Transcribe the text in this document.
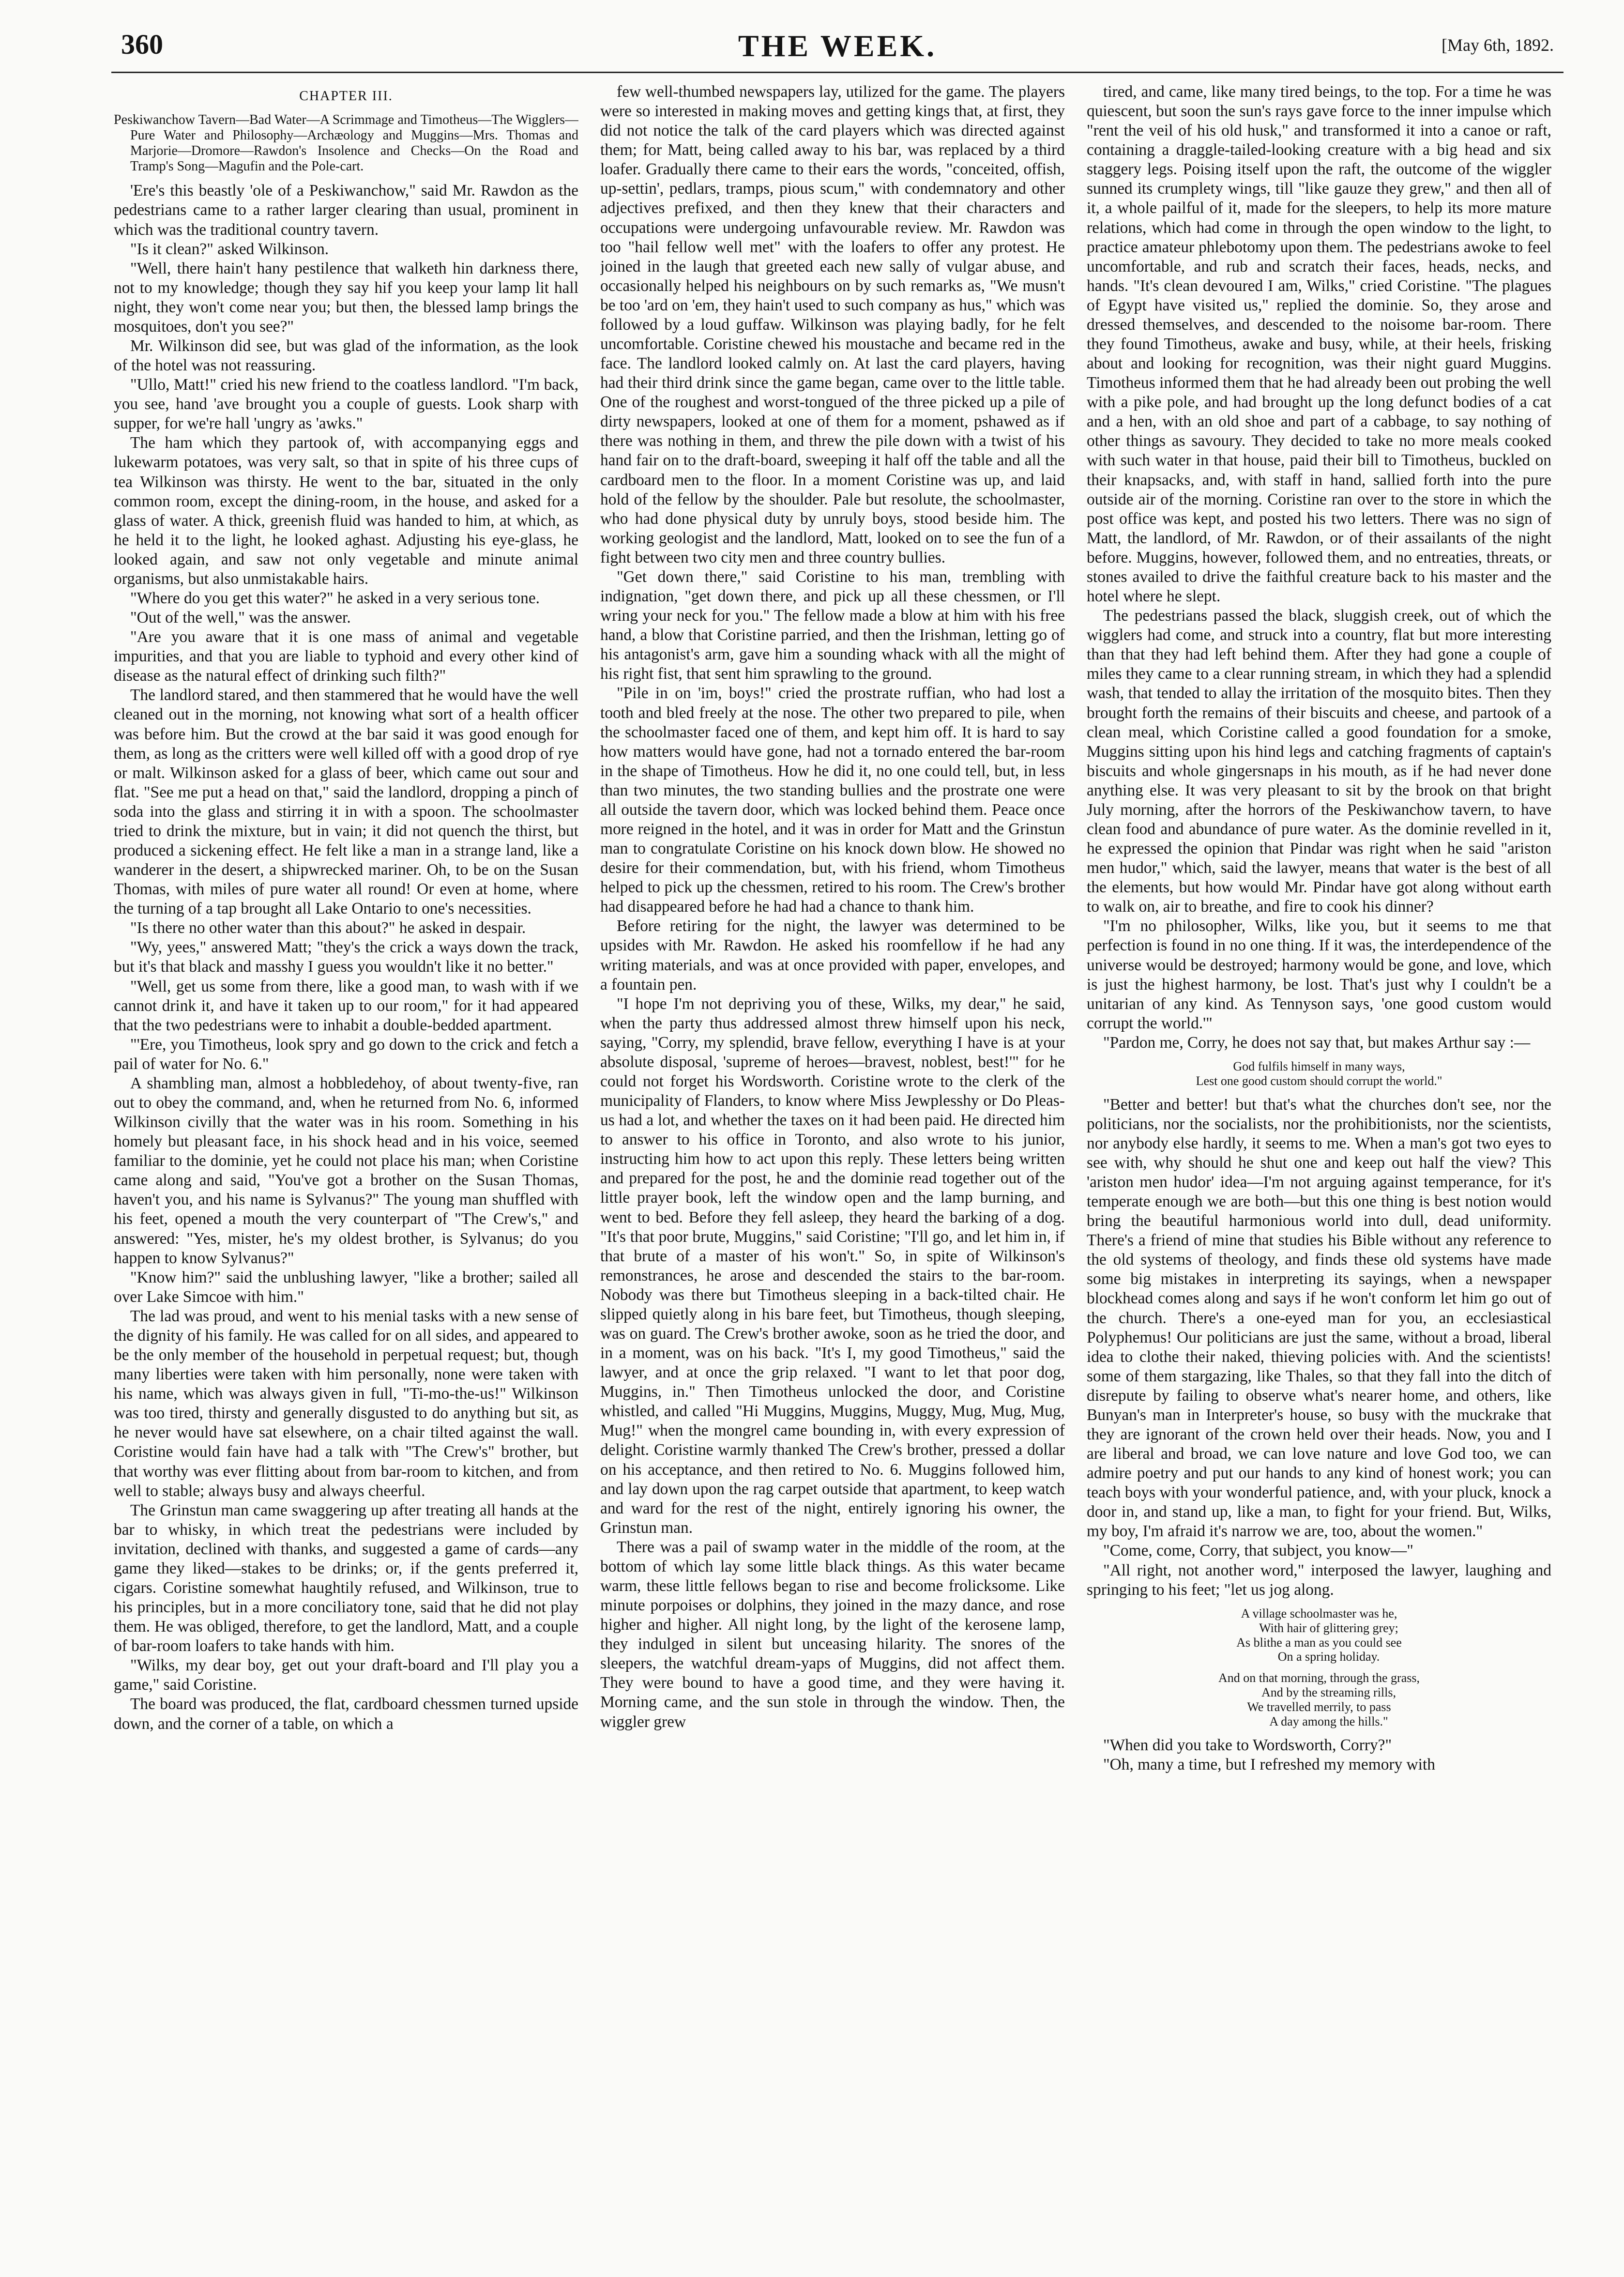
360	THE WEEK.	[May 6th, 1892.
CHAPTER III.
Peskiwanchow Tavern—Bad Water—A Scrimmage and Timotheus—The Wigglers—Pure Water and Philosophy—Archæology and Muggins—Mrs. Thomas and Marjorie—Dromore—Rawdon's Insolence and Checks—On the Road and Tramp's Song—Magufin and the Pole-cart.

'Ere's this beastly 'ole of a Peskiwanchow," said Mr. Rawdon as the pedestrians came to a rather larger clearing than usual, prominent in which was the traditional country tavern.

"Is it clean?" asked Wilkinson.

"Well, there hain't hany pestilence that walketh hin darkness there, not to my knowledge; though they say hif you keep your lamp lit hall night, they won't come near you; but then, the blessed lamp brings the mosquitoes, don't you see?"

Mr. Wilkinson did see, but was glad of the information, as the look of the hotel was not reassuring.

"Ullo, Matt!" cried his new friend to the coatless landlord. "I'm back, you see, hand 'ave brought you a couple of guests. Look sharp with supper, for we're hall 'ungry as 'awks."

The ham which they partook of, with accompanying eggs and lukewarm potatoes, was very salt, so that in spite of his three cups of tea Wilkinson was thirsty. He went to the bar, situated in the only common room, except the dining-room, in the house, and asked for a glass of water. A thick, greenish fluid was handed to him, at which, as he held it to the light, he looked aghast. Adjusting his eye-glass, he looked again, and saw not only vegetable and minute animal organisms, but also unmistakable hairs.

"Where do you get this water?" he asked in a very serious tone.

"Out of the well," was the answer.

"Are you aware that it is one mass of animal and vegetable impurities, and that you are liable to typhoid and every other kind of disease as the natural effect of drinking such filth?"

The landlord stared, and then stammered that he would have the well cleaned out in the morning, not knowing what sort of a health officer was before him. But the crowd at the bar said it was good enough for them, as long as the critters were well killed off with a good drop of rye or malt. Wilkinson asked for a glass of beer, which came out sour and flat. "See me put a head on that," said the landlord, dropping a pinch of soda into the glass and stirring it in with a spoon. The schoolmaster tried to drink the mixture, but in vain; it did not quench the thirst, but produced a sickening effect. He felt like a man in a strange land, like a wanderer in the desert, a shipwrecked mariner. Oh, to be on the Susan Thomas, with miles of pure water all round! Or even at home, where the turning of a tap brought all Lake Ontario to one's necessities.

"Is there no other water than this about?" he asked in despair.

"Wy, yees," answered Matt; "they's the crick a ways down the track, but it's that black and masshy I guess you wouldn't like it no better."

"Well, get us some from there, like a good man, to wash with if we cannot drink it, and have it taken up to our room," for it had appeared that the two pedestrians were to inhabit a double-bedded apartment.

"'Ere, you Timotheus, look spry and go down to the crick and fetch a pail of water for No. 6."

A shambling man, almost a hobbledehoy, of about twenty-five, ran out to obey the command, and, when he returned from No. 6, informed Wilkinson civilly that the water was in his room. Something in his homely but pleasant face, in his shock head and in his voice, seemed familiar to the dominie, yet he could not place his man; when Coristine came along and said, "You've got a brother on the Susan Thomas, haven't you, and his name is Sylvanus?" The young man shuffled with his feet, opened a mouth the very counterpart of "The Crew's," and answered: "Yes, mister, he's my oldest brother, is Sylvanus; do you happen to know Sylvanus?"

"Know him?" said the unblushing lawyer, "like a brother; sailed all over Lake Simcoe with him."

The lad was proud, and went to his menial tasks with a new sense of the dignity of his family. He was called for on all sides, and appeared to be the only member of the household in perpetual request; but, though many liberties were taken with him personally, none were taken with his name, which was always given in full, "Ti-mo-the-us!" Wilkinson was too tired, thirsty and generally disgusted to do anything but sit, as he never would have sat elsewhere, on a chair tilted against the wall. Coristine would fain have had a talk with "The Crew's" brother, but that worthy was ever flitting about from bar-room to kitchen, and from well to stable; always busy and always cheerful.

The Grinstun man came swaggering up after treating all hands at the bar to whisky, in which treat the pedestrians were included by invitation, declined with thanks, and suggested a game of cards—any game they liked—stakes to be drinks; or, if the gents preferred it, cigars. Coristine somewhat haughtily refused, and Wilkinson, true to his principles, but in a more conciliatory tone, said that he did not play them. He was obliged, therefore, to get the landlord, Matt, and a couple of bar-room loafers to take hands with him.

"Wilks, my dear boy, get out your draft-board and I'll play you a game," said Coristine.

The board was produced, the flat, cardboard chessmen turned upside down, and the corner of a table, on which a

few well-thumbed newspapers lay, utilized for the game. The players were so interested in making moves and getting kings that, at first, they did not notice the talk of the card players which was directed against them; for Matt, being called away to his bar, was replaced by a third loafer. Gradually there came to their ears the words, "conceited, offish, up-settin', pedlars, tramps, pious scum," with condemnatory and other adjectives prefixed, and then they knew that their characters and occupations were undergoing unfavourable review. Mr. Rawdon was too "hail fellow well met" with the loafers to offer any protest. He joined in the laugh that greeted each new sally of vulgar abuse, and occasionally helped his neighbours on by such remarks as, "We musn't be too 'ard on 'em, they hain't used to such company as hus," which was followed by a loud guffaw. Wilkinson was playing badly, for he felt uncomfortable. Coristine chewed his moustache and became red in the face. The landlord looked calmly on. At last the card players, having had their third drink since the game began, came over to the little table. One of the roughest and worst-tongued of the three picked up a pile of dirty newspapers, looked at one of them for a moment, pshawed as if there was nothing in them, and threw the pile down with a twist of his hand fair on to the draft-board, sweeping it half off the table and all the cardboard men to the floor. In a moment Coristine was up, and laid hold of the fellow by the shoulder. Pale but resolute, the schoolmaster, who had done physical duty by unruly boys, stood beside him. The working geologist and the landlord, Matt, looked on to see the fun of a fight between two city men and three country bullies.

"Get down there," said Coristine to his man, trembling with indignation, "get down there, and pick up all these chessmen, or I'll wring your neck for you." The fellow made a blow at him with his free hand, a blow that Coristine parried, and then the Irishman, letting go of his antagonist's arm, gave him a sounding whack with all the might of his right fist, that sent him sprawling to the ground.

"Pile in on 'im, boys!" cried the prostrate ruffian, who had lost a tooth and bled freely at the nose. The other two prepared to pile, when the schoolmaster faced one of them, and kept him off. It is hard to say how matters would have gone, had not a tornado entered the bar-room in the shape of Timotheus. How he did it, no one could tell, but, in less than two minutes, the two standing bullies and the prostrate one were all outside the tavern door, which was locked behind them. Peace once more reigned in the hotel, and it was in order for Matt and the Grinstun man to congratulate Coristine on his knock down blow. He showed no desire for their commendation, but, with his friend, whom Timotheus helped to pick up the chessmen, retired to his room. The Crew's brother had disappeared before he had had a chance to thank him.

Before retiring for the night, the lawyer was determined to be upsides with Mr. Rawdon. He asked his roomfellow if he had any writing materials, and was at once provided with paper, envelopes, and a fountain pen.

"I hope I'm not depriving you of these, Wilks, my dear," he said, when the party thus addressed almost threw himself upon his neck, saying, "Corry, my splendid, brave fellow, everything I have is at your absolute disposal, 'supreme of heroes—bravest, noblest, best!'" for he could not forget his Wordsworth. Coristine wrote to the clerk of the municipality of Flanders, to know where Miss Jewplesshy or Do Pleas-us had a lot, and whether the taxes on it had been paid. He directed him to answer to his office in Toronto, and also wrote to his junior, instructing him how to act upon this reply. These letters being written and prepared for the post, he and the dominie read together out of the little prayer book, left the window open and the lamp burning, and went to bed. Before they fell asleep, they heard the barking of a dog. "It's that poor brute, Muggins," said Coristine; "I'll go, and let him in, if that brute of a master of his won't." So, in spite of Wilkinson's remonstrances, he arose and descended the stairs to the bar-room. Nobody was there but Timotheus sleeping in a back-tilted chair. He slipped quietly along in his bare feet, but Timotheus, though sleeping, was on guard. The Crew's brother awoke, soon as he tried the door, and in a moment, was on his back. "It's I, my good Timotheus," said the lawyer, and at once the grip relaxed. "I want to let that poor dog, Muggins, in." Then Timotheus unlocked the door, and Coristine whistled, and called "Hi Muggins, Muggins, Muggy, Mug, Mug, Mug, Mug!" when the mongrel came bounding in, with every expression of delight. Coristine warmly thanked The Crew's brother, pressed a dollar on his acceptance, and then retired to No. 6. Muggins followed him, and lay down upon the rag carpet outside that apartment, to keep watch and ward for the rest of the night, entirely ignoring his owner, the Grinstun man.

There was a pail of swamp water in the middle of the room, at the bottom of which lay some little black things. As this water became warm, these little fellows began to rise and become frolicksome. Like minute porpoises or dolphins, they joined in the mazy dance, and rose higher and higher. All night long, by the light of the kerosene lamp, they indulged in silent but unceasing hilarity. The snores of the sleepers, the watchful dream-yaps of Muggins, did not affect them. They were bound to have a good time, and they were having it. Morning came, and the sun stole in through the window. Then, the wiggler grew

tired, and came, like many tired beings, to the top. For a time he was quiescent, but soon the sun's rays gave force to the inner impulse which "rent the veil of his old husk," and transformed it into a canoe or raft, containing a draggle-tailed-looking creature with a big head and six staggery legs. Poising itself upon the raft, the outcome of the wiggler sunned its crumplety wings, till "like gauze they grew," and then all of it, a whole pailful of it, made for the sleepers, to help its more mature relations, which had come in through the open window to the light, to practice amateur phlebotomy upon them. The pedestrians awoke to feel uncomfortable, and rub and scratch their faces, heads, necks, and hands. "It's clean devoured I am, Wilks," cried Coristine. "The plagues of Egypt have visited us," replied the dominie. So, they arose and dressed themselves, and descended to the noisome bar-room. There they found Timotheus, awake and busy, while, at their heels, frisking about and looking for recognition, was their night guard Muggins. Timotheus informed them that he had already been out probing the well with a pike pole, and had brought up the long defunct bodies of a cat and a hen, with an old shoe and part of a cabbage, to say nothing of other things as savoury. They decided to take no more meals cooked with such water in that house, paid their bill to Timotheus, buckled on their knapsacks, and, with staff in hand, sallied forth into the pure outside air of the morning. Coristine ran over to the store in which the post office was kept, and posted his two letters. There was no sign of Matt, the landlord, of Mr. Rawdon, or of their assailants of the night before. Muggins, however, followed them, and no entreaties, threats, or stones availed to drive the faithful creature back to his master and the hotel where he slept.

The pedestrians passed the black, sluggish creek, out of which the wigglers had come, and struck into a country, flat but more interesting than that they had left behind them. After they had gone a couple of miles they came to a clear running stream, in which they had a splendid wash, that tended to allay the irritation of the mosquito bites. Then they brought forth the remains of their biscuits and cheese, and partook of a clean meal, which Coristine called a good foundation for a smoke, Muggins sitting upon his hind legs and catching fragments of captain's biscuits and whole gingersnaps in his mouth, as if he had never done anything else. It was very pleasant to sit by the brook on that bright July morning, after the horrors of the Peskiwanchow tavern, to have clean food and abundance of pure water. As the dominie revelled in it, he expressed the opinion that Pindar was right when he said "ariston men hudor," which, said the lawyer, means that water is the best of all the elements, but how would Mr. Pindar have got along without earth to walk on, air to breathe, and fire to cook his dinner?

"I'm no philosopher, Wilks, like you, but it seems to me that perfection is found in no one thing. If it was, the interdependence of the universe would be destroyed; harmony would be gone, and love, which is just the highest harmony, be lost. That's just why I couldn't be a unitarian of any kind. As Tennyson says, 'one good custom would corrupt the world.'"

"Pardon me, Corry, he does not say that, but makes Arthur say :—

God fulfils himself in many ways,
Lest one good custom should corrupt the world."

"Better and better! but that's what the churches don't see, nor the politicians, nor the socialists, nor the prohibitionists, nor the scientists, nor anybody else hardly, it seems to me. When a man's got two eyes to see with, why should he shut one and keep out half the view? This 'ariston men hudor' idea—I'm not arguing against temperance, for it's temperate enough we are both—but this one thing is best notion would bring the beautiful harmonious world into dull, dead uniformity. There's a friend of mine that studies his Bible without any reference to the old systems of theology, and finds these old systems have made some big mistakes in interpreting its sayings, when a newspaper blockhead comes along and says if he won't conform let him go out of the church. There's a one-eyed man for you, an ecclesiastical Polyphemus! Our politicians are just the same, without a broad, liberal idea to clothe their naked, thieving policies with. And the scientists! some of them stargazing, like Thales, so that they fall into the ditch of disrepute by failing to observe what's nearer home, and others, like Bunyan's man in Interpreter's house, so busy with the muckrake that they are ignorant of the crown held over their heads. Now, you and I are liberal and broad, we can love nature and love God too, we can admire poetry and put our hands to any kind of honest work; you can teach boys with your wonderful patience, and, with your pluck, knock a door in, and stand up, like a man, to fight for your friend. But, Wilks, my boy, I'm afraid it's narrow we are, too, about the women."

"Come, come, Corry, that subject, you know—"

"All right, not another word," interposed the lawyer, laughing and springing to his feet; "let us jog along.

A village schoolmaster was he,
With hair of glittering grey;
As blithe a man as you could see
On a spring holiday.
And on that morning, through the grass,
And by the streaming rills,
We travelled merrily, to pass
A day among the hills."

"When did you take to Wordsworth, Corry?"

"Oh, many a time, but I refreshed my memory with
